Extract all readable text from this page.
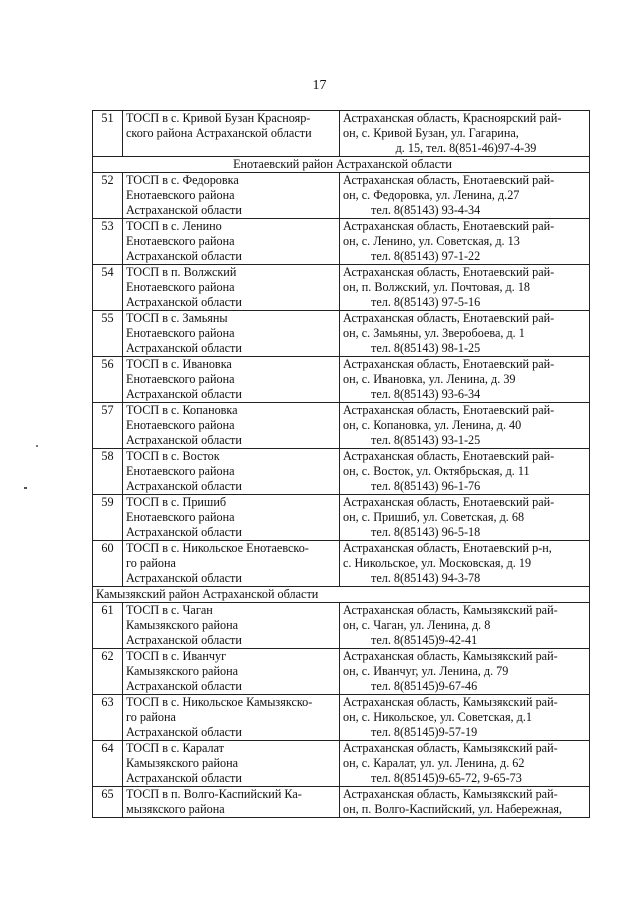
17
51	ТОСП в с. Кривой Бузан Краснояр-
ского района Астраханской области	Астраханская область, Красноярский рай-
он, с. Кривой Бузан, ул. Гагарина,
д. 15, тел. 8(851-46)97-4-39

Енотаевский район Астраханской области		
52	ТОСП в с. Федоровка
Енотаевского района
Астраханской области	Астраханская область, Енотаевский рай-
он, с. Федоровка, ул. Ленина, д.27
тел. 8(85143) 93-4-34

53	ТОСП в с. Ленино
Енотаевского района
Астраханской области	Астраханская область, Енотаевский рай-
он, с. Ленино, ул. Советская, д. 13
тел. 8(85143) 97-1-22

54	ТОСП в п. Волжский
Енотаевского района
Астраханской области	Астраханская область, Енотаевский рай-
он, п. Волжский, ул. Почтовая, д. 18
тел. 8(85143) 97-5-16

55	ТОСП в с. Замьяны
Енотаевского района
Астраханской области	Астраханская область, Енотаевский рай-
он, с. Замьяны, ул. Зверобоева, д. 1
тел. 8(85143) 98-1-25

56	ТОСП в с. Ивановка
Енотаевского района
Астраханской области	Астраханская область, Енотаевский рай-
он, с. Ивановка, ул. Ленина, д. 39
тел. 8(85143) 93-6-34

57	ТОСП в с. Копановка
Енотаевского района
Астраханской области	Астраханская область, Енотаевский рай-
он, с. Копановка, ул. Ленина, д. 40
тел. 8(85143) 93-1-25

58	ТОСП в с. Восток
Енотаевского района
Астраханской области	Астраханская область, Енотаевский рай-
он, с. Восток, ул. Октябрьская, д. 11
тел. 8(85143) 96-1-76

59	ТОСП в с. Пришиб
Енотаевского района
Астраханской области	Астраханская область, Енотаевский рай-
он, с. Пришиб, ул. Советская, д. 68
тел. 8(85143) 96-5-18

60	ТОСП в с. Никольское Енотаевско-
го района
Астраханской области	Астраханская область, Енотаевский р-н,
с. Никольское, ул. Московская, д. 19
тел. 8(85143) 94-3-78

Камызякский район Астраханской области		
61	ТОСП в с. Чаган
Камызякского района
Астраханской области	Астраханская область, Камызякский рай-
он, с. Чаган, ул. Ленина, д. 8
тел. 8(85145)9-42-41

62	ТОСП в с. Иванчуг
Камызякского района
Астраханской области	Астраханская область, Камызякский рай-
он, с. Иванчуг, ул. Ленина, д. 79
тел. 8(85145)9-67-46

63	ТОСП в с. Никольское Камызякско-
го района
Астраханской области	Астраханская область, Камызякский рай-
он, с. Никольское, ул. Советская, д.1
тел. 8(85145)9-57-19

64	ТОСП в с. Каралат
Камызякского района
Астраханской области	Астраханская область, Камызякский рай-
он, с. Каралат, ул. ул. Ленина, д. 62
тел. 8(85145)9-65-72, 9-65-73

65	ТОСП в п. Волго-Каспийский Ка-
мызякского района	Астраханская область, Камызякский рай-
он, п. Волго-Каспийский, ул. Набережная,
